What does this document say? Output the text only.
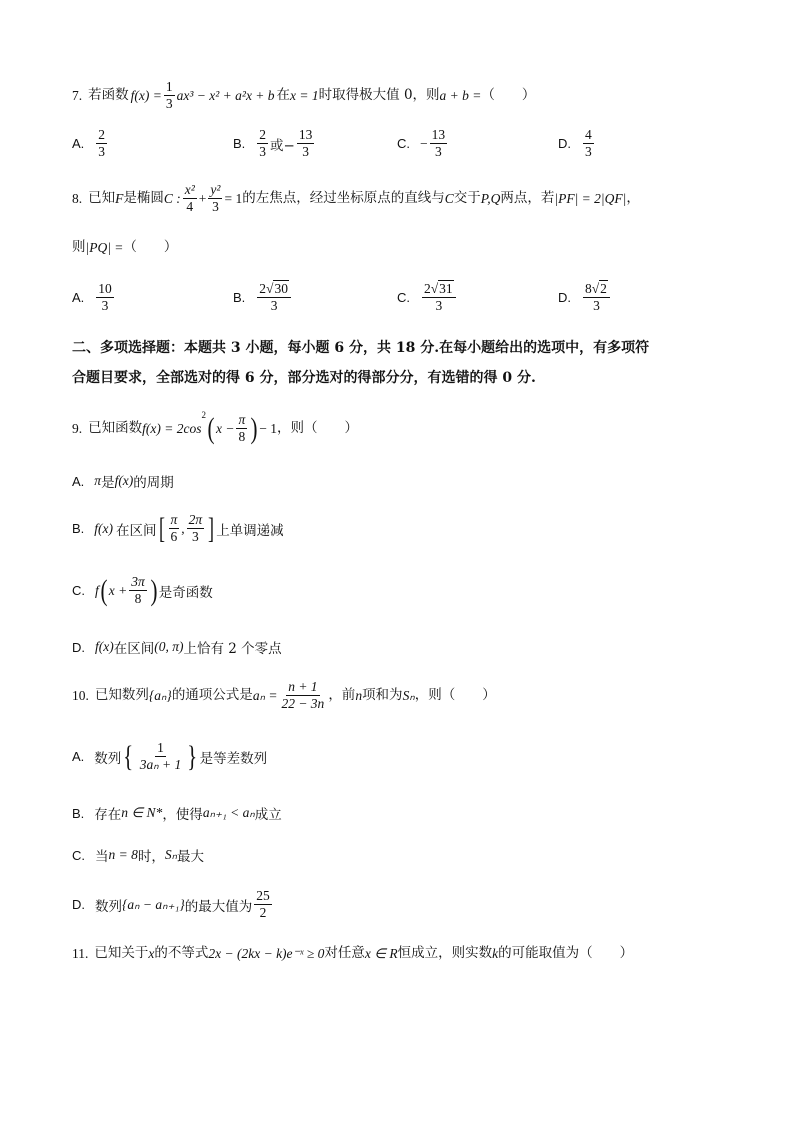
7. 若函数 $f(x) = \frac{1}{3} ax^3 - x^2 + a^2x + b$ 在 x = 1 时取得极大值 0，则 a + b = （　　）
A. $\frac{2}{3}$	B. $\frac{2}{3}$ 或− $\frac{13}{3}$	C. − $\frac{13}{3}$	D. $\frac{4}{3}$
8. 已知 F 是椭圆 C : $\frac{\text{x²}}{4} + \frac{\text{y²}}{3} = 1$ 的左焦点，经过坐标原点的直线与 C 交于 P,Q 两点，若 |PF| = 2|QF| ，
则 |PQ| = （　　）
A. $\frac{10}{3}$	B. $\frac{2√30}{3}$	C. $\frac{2√31}{3}$	D. $\frac{8√2}{3}$
二、多项选择题：本题共 3 小题，每小题 6 分，共 18 分.在每小题给出的选项中，有多项符
合题目要求，全部选对的得 6 分，部分选对的得部分分，有选错的得 0 分.
9. 已知函数 f(x) = 2cos
2 ( $x - \frac{\pi}{8}$ ) − 1 ，则（　　）
A. π 是 f(x) 的周期
B. f(x) 在区间 [ $\frac{\pi}{6}$ , $\frac{2\pi}{3}$ ] 上单调递减
C. f ( $x + \frac{3\pi}{8}$ ) 是奇函数
D. f(x) 在区间 (0, π) 上恰有 2 个零点
10. 已知数列 {aₙ} 的通项公式是 $a_n = \frac{n + 1}{22 - 3n}$ ，前 n 项和为 Sₙ ，则（　　）
A. 数列 { $\frac{1}{\text{3aₙ + 1}}$ } 是等差数列
B. 存在 n ∈ N* ，使得 aₙ₊₁ < aₙ 成立
C. 当 n = 8 时， Sₙ 最大
D. 数列 {aₙ − aₙ₊₁} 的最大值为 $\frac{25}{2}$
11. 已知关于 x 的不等式 2x − (2kx − k)e⁻ˣ ≥ 0 对任意 x ∈ R 恒成立，则实数 k 的可能取值为（　　）
